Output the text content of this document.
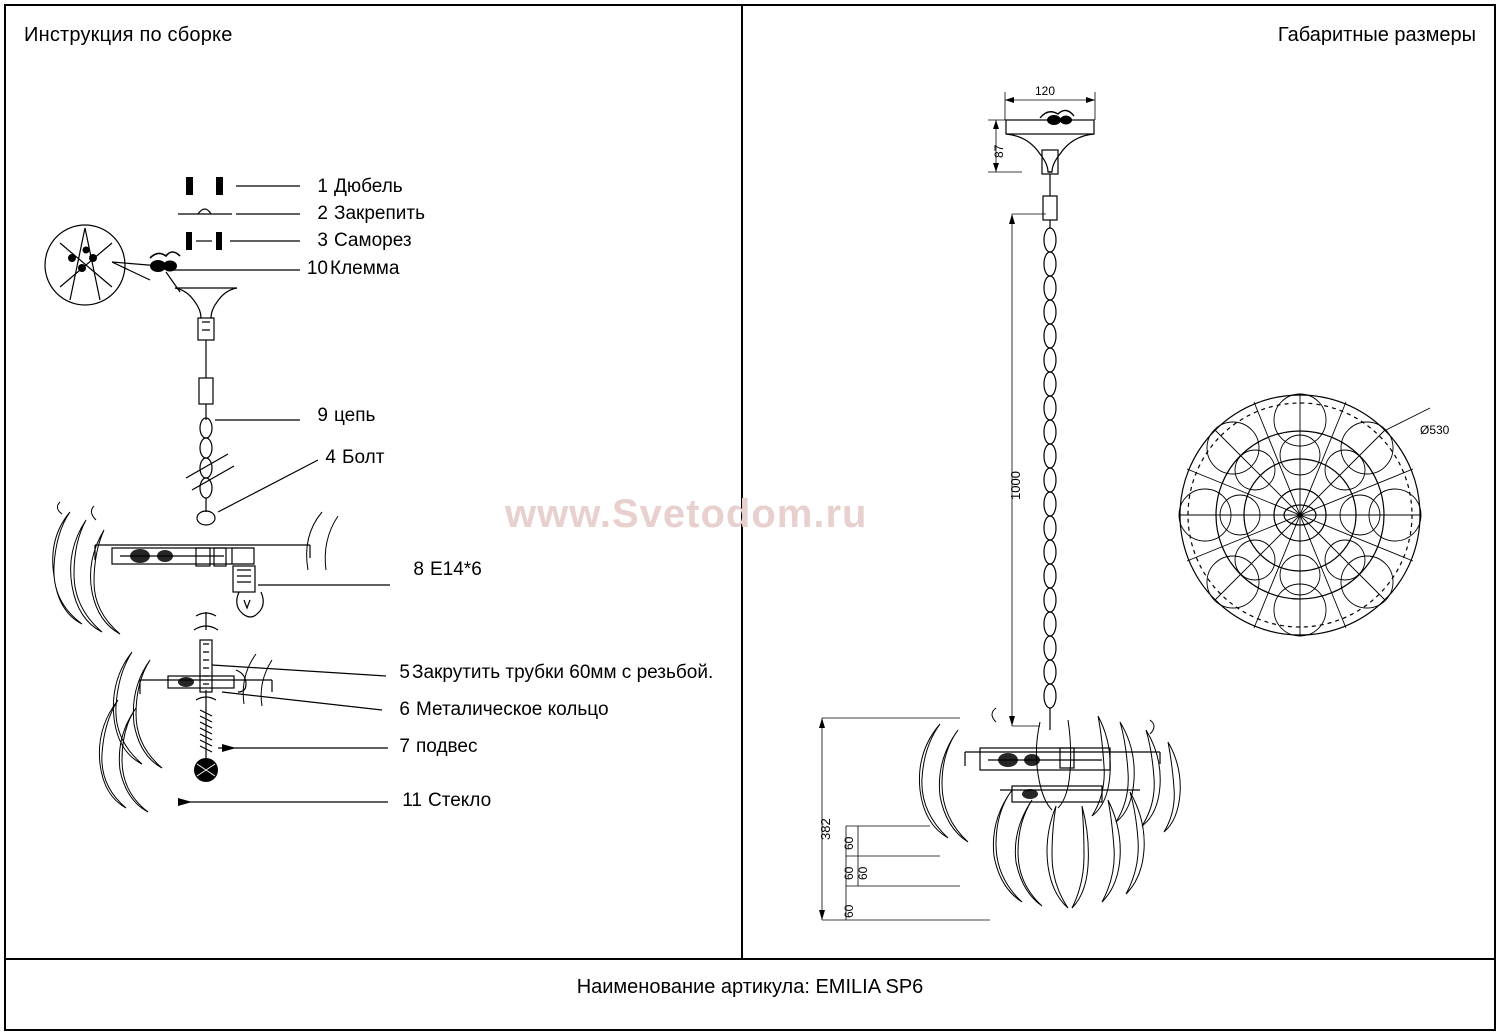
Инструкция по сборке	Габаритные размеры
Наименование артикула: EMILIA SP6
1 Дюбель
2 Закрепить
3 Саморез
10 Клемма
9 цепь
4 Болт
8 E14*6
5 Закрутить трубки 60мм с резьбой.
6 Металическое кольцо
7 подвес
11 Стекло
120
87
1000
382
60
60
60
60
Ø530
www.Svetodom.ru
